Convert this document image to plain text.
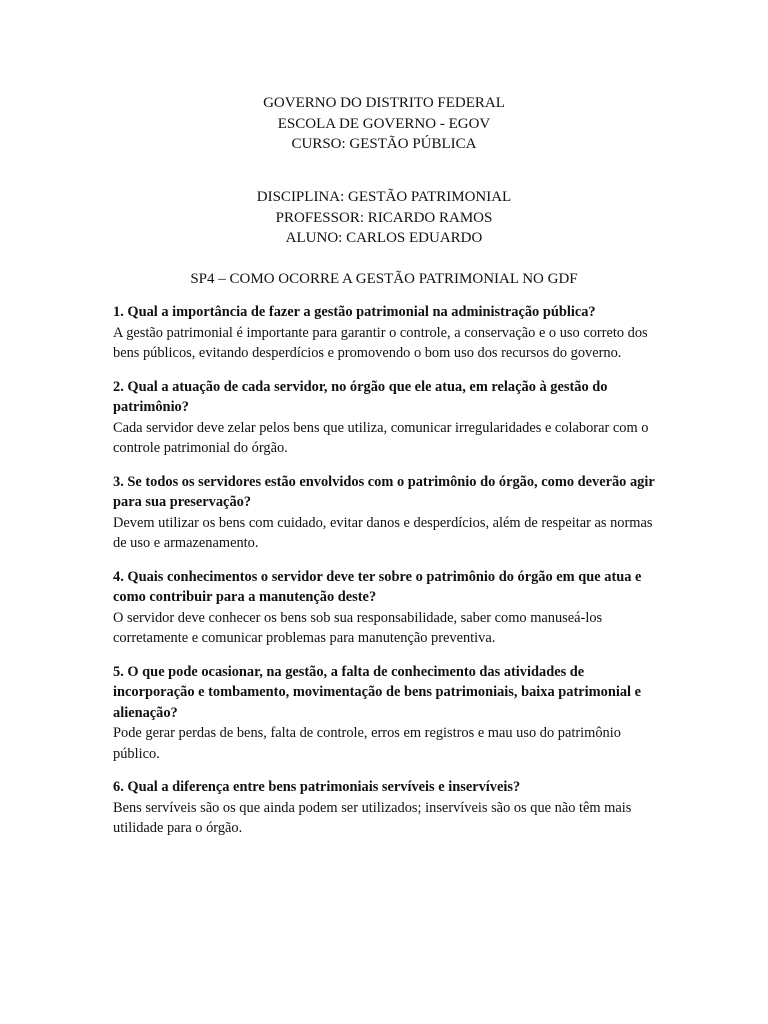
GOVERNO DO DISTRITO FEDERAL
ESCOLA DE GOVERNO - EGOV
CURSO: GESTÃO PÚBLICA
DISCIPLINA: GESTÃO PATRIMONIAL
PROFESSOR: RICARDO RAMOS
ALUNO: CARLOS EDUARDO
SP4 – COMO OCORRE A GESTÃO PATRIMONIAL NO GDF
1. Qual a importância de fazer a gestão patrimonial na administração pública?
A gestão patrimonial é importante para garantir o controle, a conservação e o uso correto dos bens públicos, evitando desperdícios e promovendo o bom uso dos recursos do governo.
2. Qual a atuação de cada servidor, no órgão que ele atua, em relação à gestão do patrimônio?
Cada servidor deve zelar pelos bens que utiliza, comunicar irregularidades e colaborar com o controle patrimonial do órgão.
3. Se todos os servidores estão envolvidos com o patrimônio do órgão, como deverão agir para sua preservação?
Devem utilizar os bens com cuidado, evitar danos e desperdícios, além de respeitar as normas de uso e armazenamento.
4. Quais conhecimentos o servidor deve ter sobre o patrimônio do órgão em que atua e como contribuir para a manutenção deste?
O servidor deve conhecer os bens sob sua responsabilidade, saber como manuseá-los corretamente e comunicar problemas para manutenção preventiva.
5. O que pode ocasionar, na gestão, a falta de conhecimento das atividades de incorporação e tombamento, movimentação de bens patrimoniais, baixa patrimonial e alienação?
Pode gerar perdas de bens, falta de controle, erros em registros e mau uso do patrimônio público.
6. Qual a diferença entre bens patrimoniais servíveis e inservíveis?
Bens servíveis são os que ainda podem ser utilizados; inservíveis são os que não têm mais utilidade para o órgão.
